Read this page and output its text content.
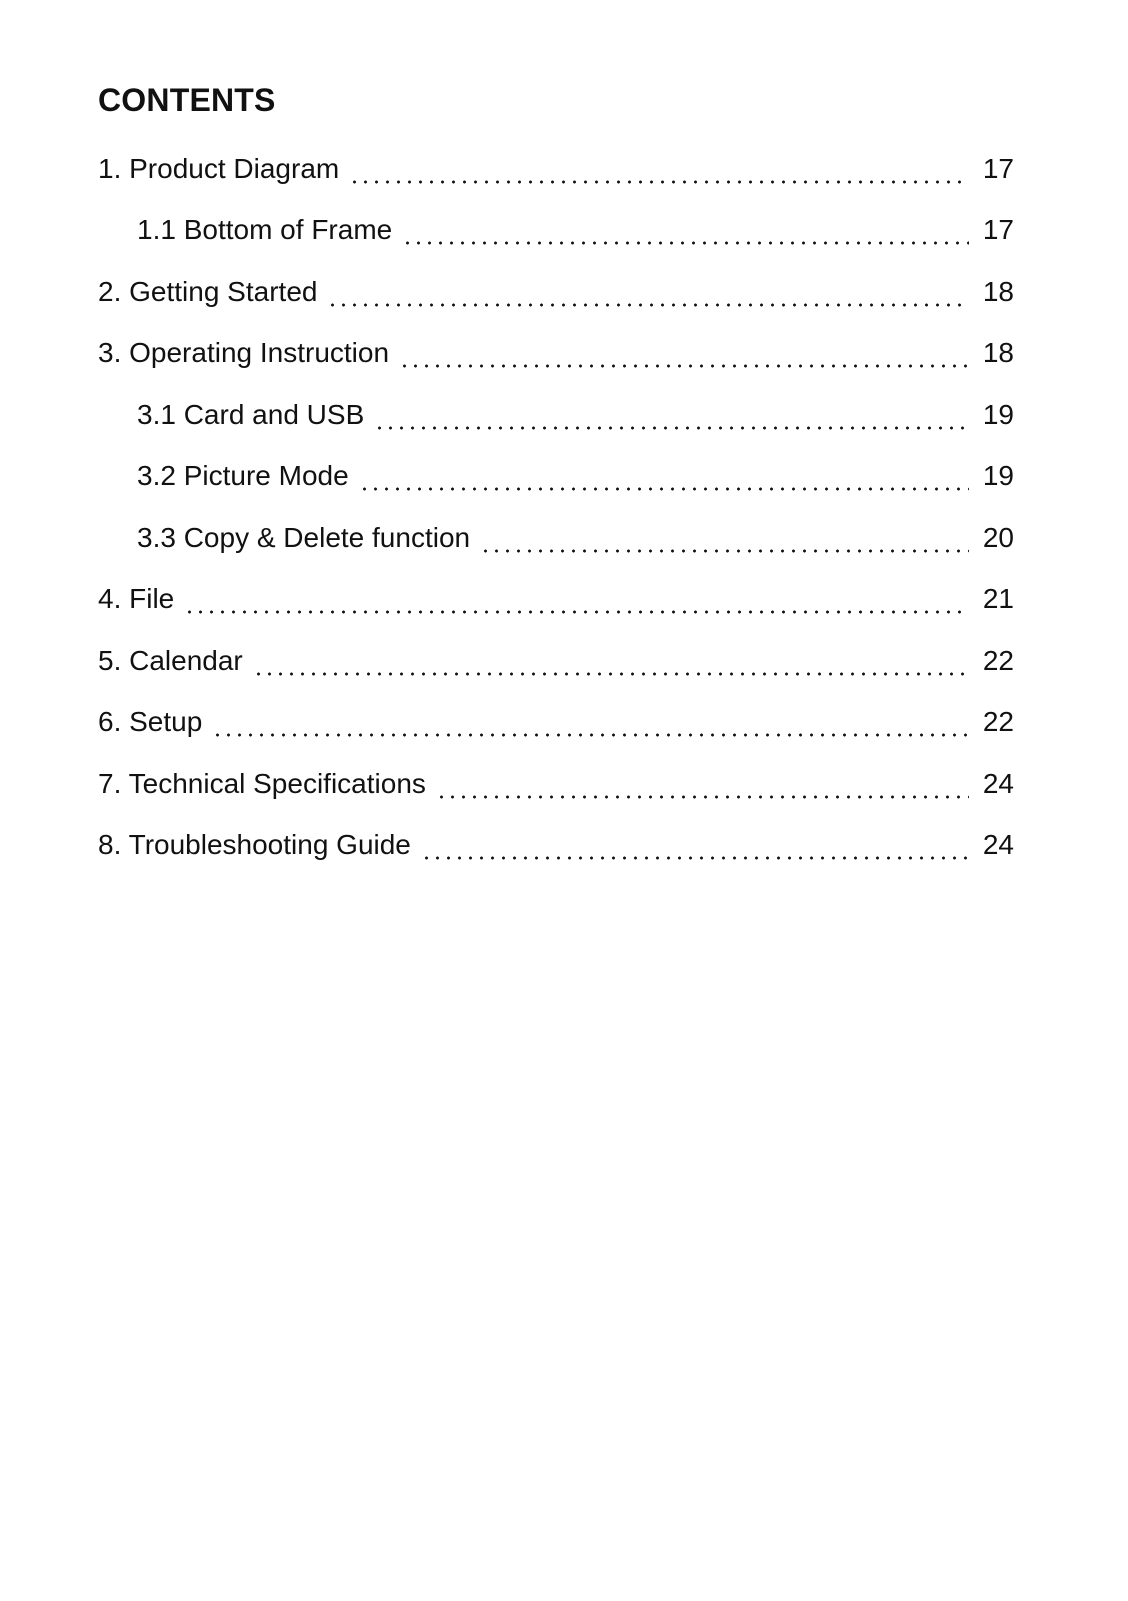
CONTENTS
1. Product Diagram	17
1.1 Bottom of Frame	17
2. Getting Started	18
3. Operating Instruction	18
3.1 Card and USB	19
3.2 Picture Mode	19
3.3 Copy & Delete function	20
4. File	21
5. Calendar	22
6. Setup	22
7. Technical Specifications	24
8. Troubleshooting Guide	24
